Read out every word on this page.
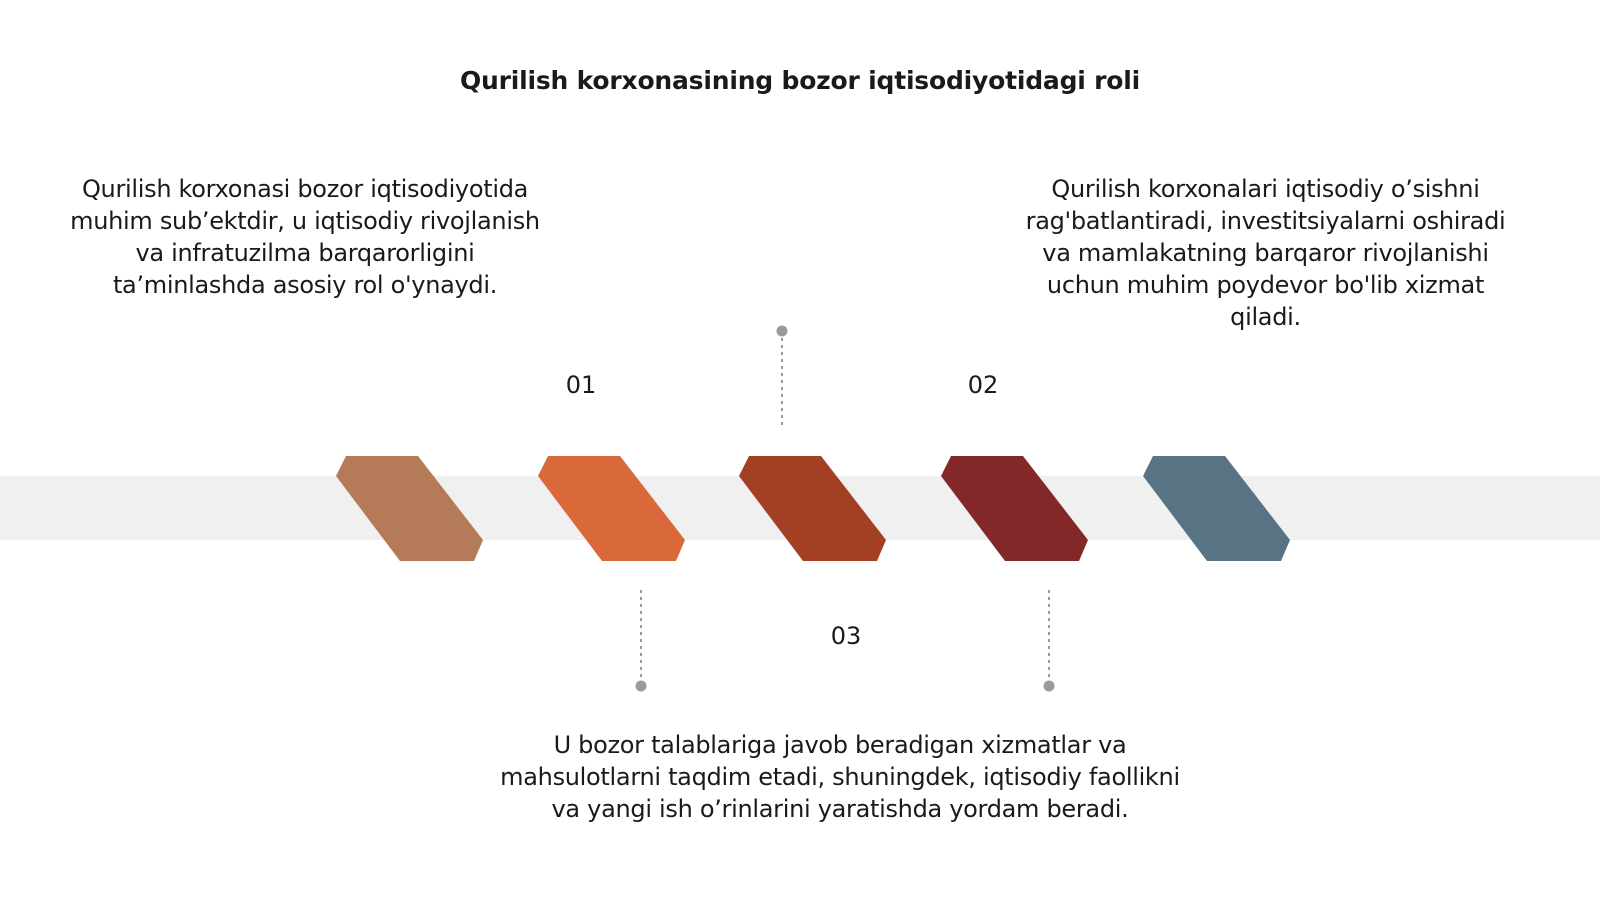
Qurilish korxonasining bozor iqtisodiyotidagi roli
01	02
03
Qurilish korxonasi bozor iqtisodiyotida muhim sub’ektdir, u iqtisodiy rivojlanish va infratuzilma barqarorligini ta’minlashda asosiy rol o'ynaydi.
Qurilish korxonalari iqtisodiy o’sishni rag'batlantiradi, investitsiyalarni oshiradi va mamlakatning barqaror rivojlanishi uchun muhim poydevor bo'lib xizmat qiladi.
U bozor talablariga javob beradigan xizmatlar va mahsulotlarni taqdim etadi, shuningdek, iqtisodiy faollikni va yangi ish o’rinlarini yaratishda yordam beradi.
